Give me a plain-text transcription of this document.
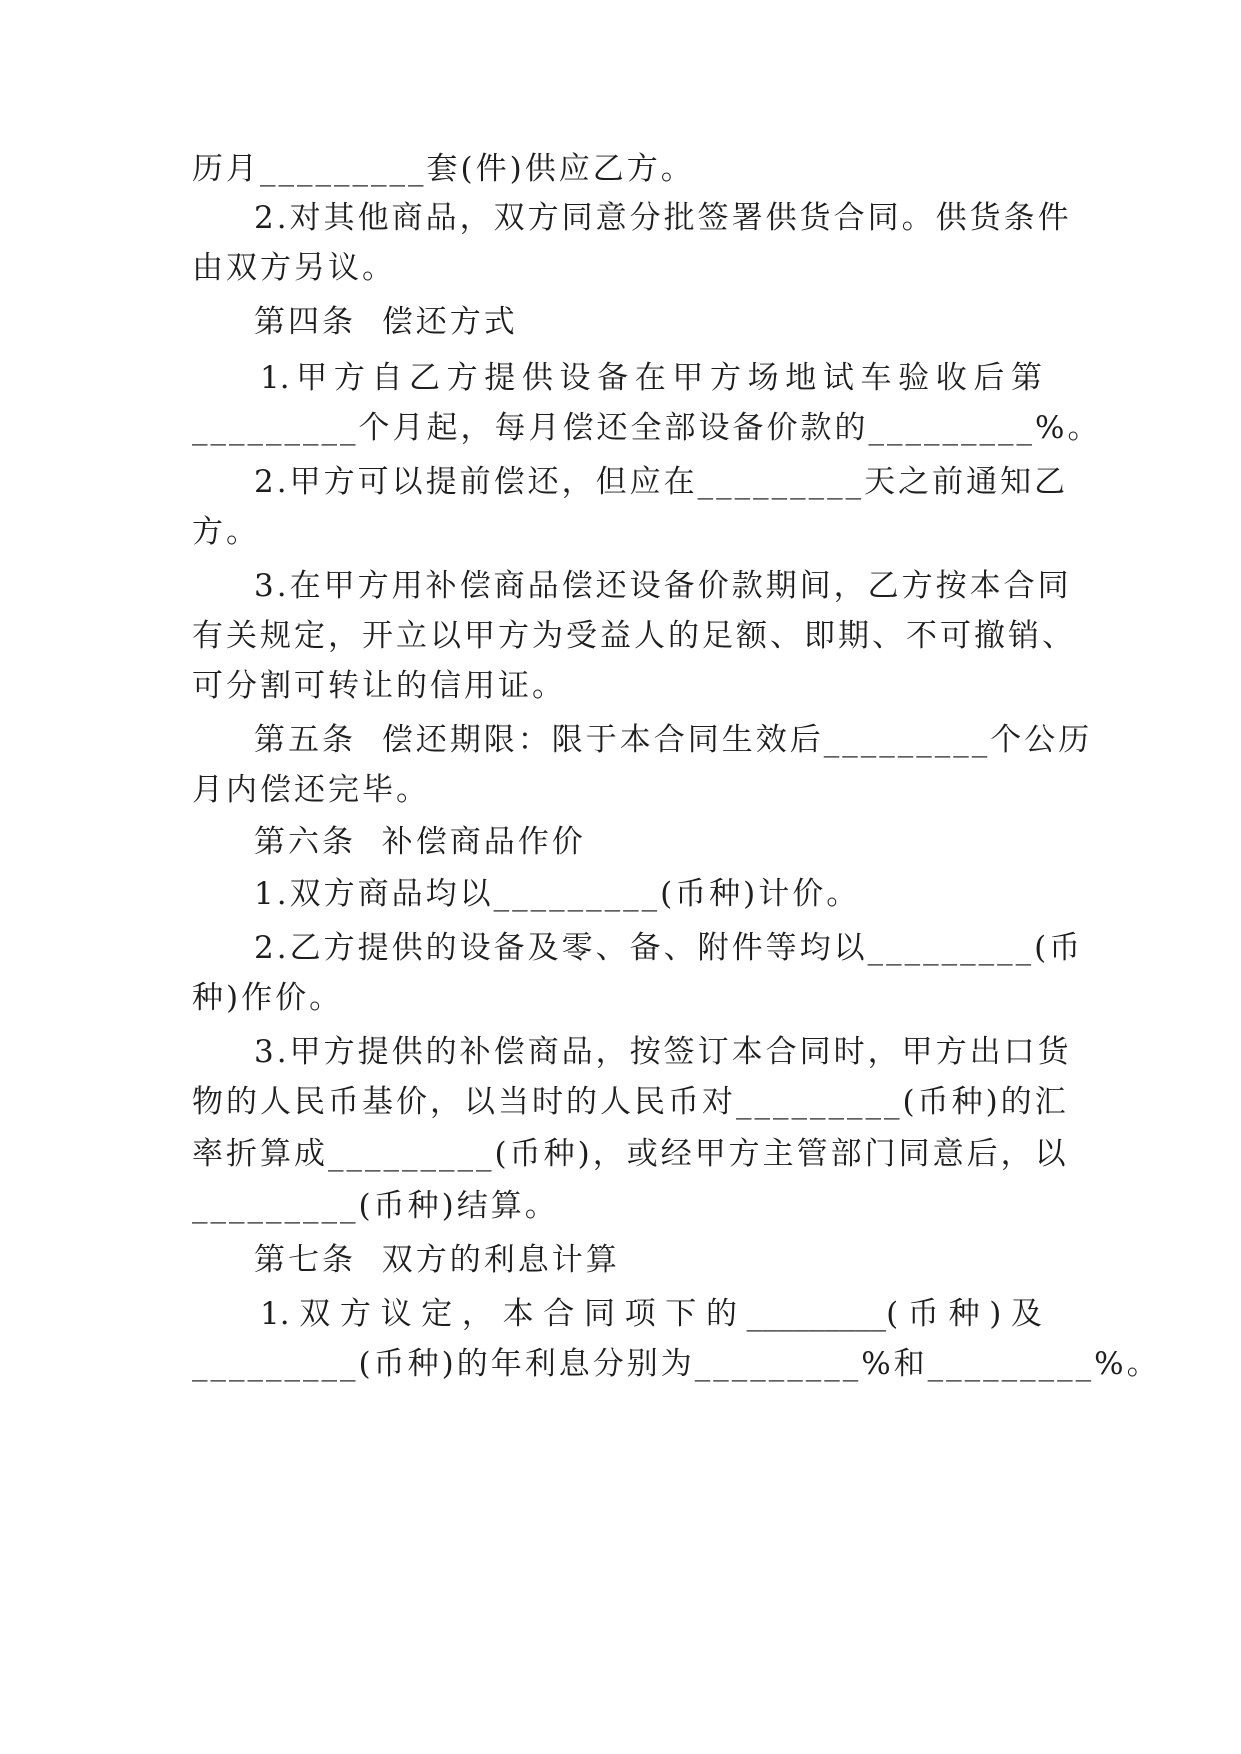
历月_________套(件)供应乙方。
2.对其他商品，双方同意分批签署供货合同。供货条件
由双方另议。
第四条  偿还方式
1.甲方自乙方提供设备在甲方场地试车验收后第
_________个月起，每月偿还全部设备价款的_________%。
2.甲方可以提前偿还，但应在_________天之前通知乙
方。
3.在甲方用补偿商品偿还设备价款期间，乙方按本合同
有关规定，开立以甲方为受益人的足额、即期、不可撤销、
可分割可转让的信用证。
第五条  偿还期限：限于本合同生效后_________个公历
月内偿还完毕。
第六条  补偿商品作价
1.双方商品均以_________(币种)计价。
2.乙方提供的设备及零、备、附件等均以_________(币
种)作价。
3.甲方提供的补偿商品，按签订本合同时，甲方出口货
物的人民币基价，以当时的人民币对_________(币种)的汇
率折算成_________(币种)，或经甲方主管部门同意后，以
_________(币种)结算。
第七条  双方的利息计算
1.双方议定，本合同项下的_________(币种)及
_________(币种)的年利息分别为_________%和_________%。
